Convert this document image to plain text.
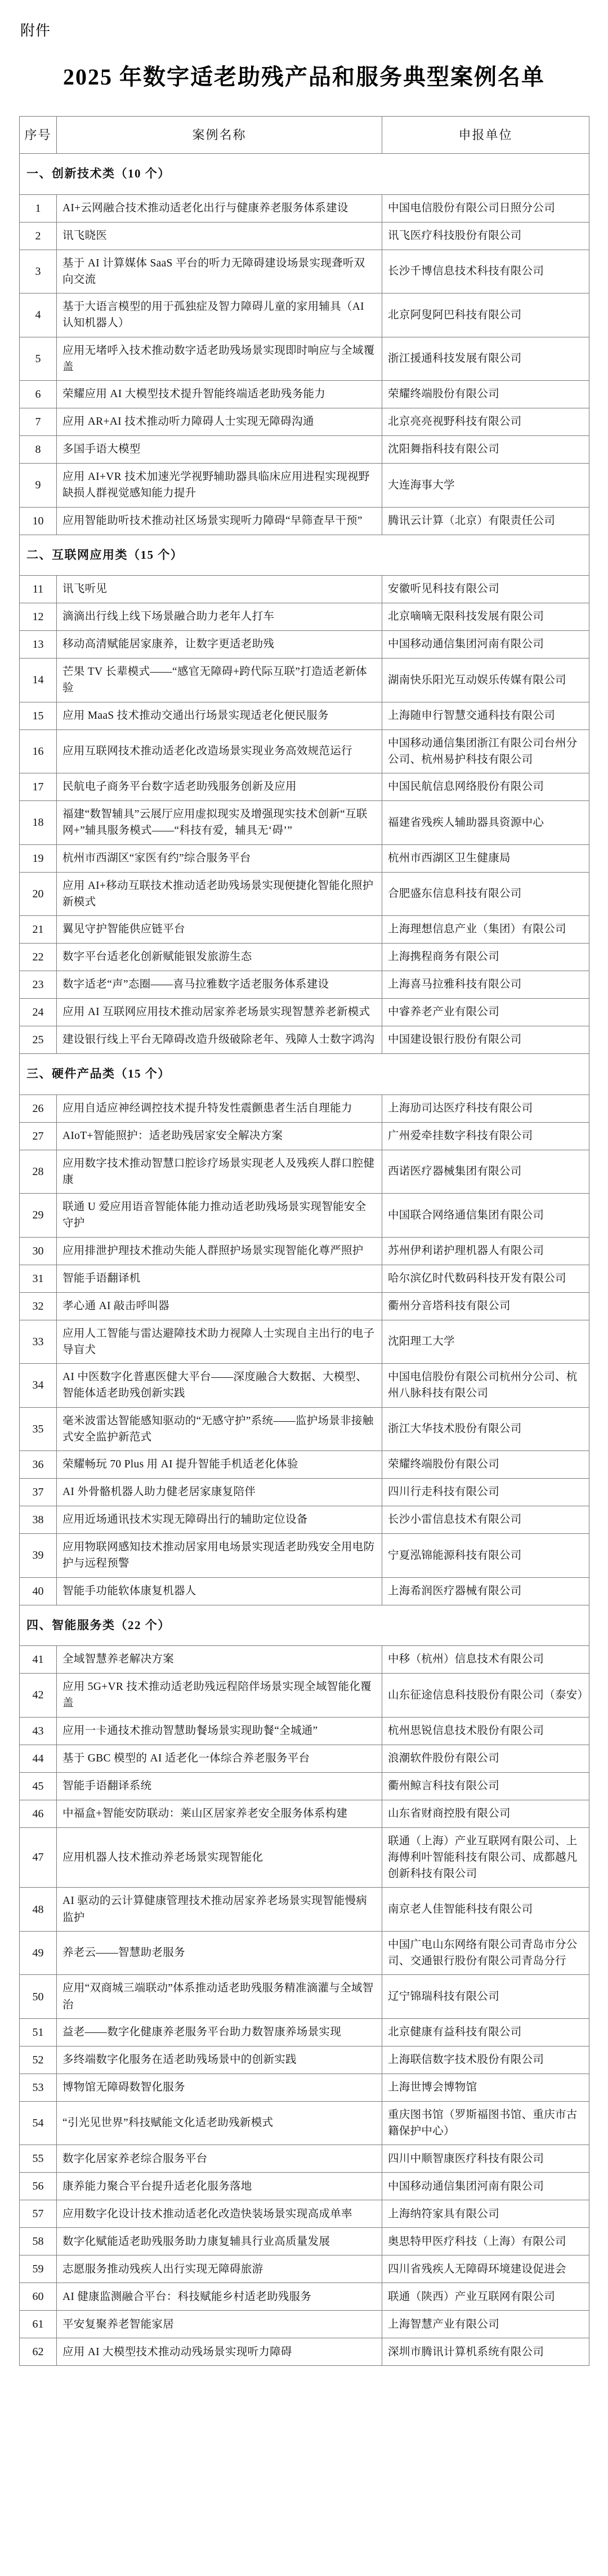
附件
2025 年数字适老助残产品和服务典型案例名单
序号	案例名称	申报单位
一、创新技术类（10 个）		
1	AI+云网融合技术推动适老化出行与健康养老服务体系建设	中国电信股份有限公司日照分公司
2	讯飞晓医	讯飞医疗科技股份有限公司
3	基于 AI 计算媒体 SaaS 平台的听力无障碍建设场景实现聋听双向交流	长沙千博信息技术科技有限公司
4	基于大语言模型的用于孤独症及智力障碍儿童的家用辅具（AI 认知机器人）	北京阿叟阿巴科技有限公司
5	应用无堵呼入技术推动数字适老助残场景实现即时响应与全域覆盖	浙江援通科技发展有限公司
6	荣耀应用 AI 大模型技术提升智能终端适老助残务能力	荣耀终端股份有限公司
7	应用 AR+AI 技术推动听力障碍人士实现无障碍沟通	北京亮亮视野科技有限公司
8	多国手语大模型	沈阳舞指科技有限公司
9	应用 AI+VR 技术加速光学视野辅助器具临床应用进程实现视野缺损人群视觉感知能力提升	大连海事大学
10	应用智能助听技术推动社区场景实现听力障碍“早筛查早干预”	腾讯云计算（北京）有限责任公司
二、互联网应用类（15 个）		
11	讯飞听见	安徽听见科技有限公司
12	滴滴出行线上线下场景融合助力老年人打车	北京嘀嘀无限科技发展有限公司
13	移动高清赋能居家康养，让数字更适老助残	中国移动通信集团河南有限公司
14	芒果 TV 长辈模式——“感官无障碍+跨代际互联”打造适老新体验	湖南快乐阳光互动娱乐传媒有限公司
15	应用 MaaS 技术推动交通出行场景实现适老化便民服务	上海随申行智慧交通科技有限公司
16	应用互联网技术推动适老化改造场景实现业务高效规范运行	中国移动通信集团浙江有限公司台州分公司、杭州易护科技有限公司
17	民航电子商务平台数字适老助残服务创新及应用	中国民航信息网络股份有限公司
18	福建“数智辅具”云展厅应用虚拟现实及增强现实技术创新“互联网+”辅具服务模式——“科技有爱，辅具无‘碍’”	福建省残疾人辅助器具资源中心
19	杭州市西湖区“家医有约”综合服务平台	杭州市西湖区卫生健康局
20	应用 AI+移动互联技术推动适老助残场景实现便捷化智能化照护新模式	合肥盛东信息科技有限公司
21	翼见守护智能供应链平台	上海理想信息产业（集团）有限公司
22	数字平台适老化创新赋能银发旅游生态	上海携程商务有限公司
23	数字适老“声”态圈——喜马拉雅数字适老服务体系建设	上海喜马拉雅科技有限公司
24	应用 AI 互联网应用技术推动居家养老场景实现智慧养老新模式	中睿养老产业有限公司
25	建设银行线上平台无障碍改造升级破除老年、残障人士数字鸿沟	中国建设银行股份有限公司
三、硬件产品类（15 个）		
26	应用自适应神经调控技术提升特发性震颤患者生活自理能力	上海劢司达医疗科技有限公司
27	AIoT+智能照护：适老助残居家安全解决方案	广州爱牵挂数字科技有限公司
28	应用数字技术推动智慧口腔诊疗场景实现老人及残疾人群口腔健康	西诺医疗器械集团有限公司
29	联通 U 爱应用语音智能体能力推动适老助残场景实现智能安全守护	中国联合网络通信集团有限公司
30	应用排泄护理技术推动失能人群照护场景实现智能化尊严照护	苏州伊利诺护理机器人有限公司
31	智能手语翻译机	哈尔滨亿时代数码科技开发有限公司
32	孝心通 AI 敲击呼叫器	衢州分音塔科技有限公司
33	应用人工智能与雷达避障技术助力视障人士实现自主出行的电子导盲犬	沈阳理工大学
34	AI 中医数字化普惠医健大平台——深度融合大数据、大模型、智能体适老助残创新实践	中国电信股份有限公司杭州分公司、杭州八脉科技有限公司
35	毫米波雷达智能感知驱动的“无感守护”系统——监护场景非接触式安全监护新范式	浙江大华技术股份有限公司
36	荣耀畅玩 70 Plus 用 AI 提升智能手机适老化体验	荣耀终端股份有限公司
37	AI 外骨骼机器人助力健老居家康复陪伴	四川行走科技有限公司
38	应用近场通讯技术实现无障碍出行的辅助定位设备	长沙小雷信息技术有限公司
39	应用物联网感知技术推动居家用电场景实现适老助残安全用电防护与远程预警	宁夏泓锦能源科技有限公司
40	智能手功能软体康复机器人	上海希润医疗器械有限公司
四、智能服务类（22 个）		
41	全域智慧养老解决方案	中移（杭州）信息技术有限公司
42	应用 5G+VR 技术推动适老助残远程陪伴场景实现全域智能化覆盖	山东征途信息科技股份有限公司（泰安）
43	应用一卡通技术推动智慧助餐场景实现助餐“全城通”	杭州思锐信息技术股份有限公司
44	基于 GBC 模型的 AI 适老化一体综合养老服务平台	浪潮软件股份有限公司
45	智能手语翻译系统	衢州鲸言科技有限公司
46	中福盒+智能安防联动：莱山区居家养老安全服务体系构建	山东省财商控股有限公司
47	应用机器人技术推动养老场景实现智能化	联通（上海）产业互联网有限公司、上海傅利叶智能科技有限公司、成都越凡创新科技有限公司
48	AI 驱动的云计算健康管理技术推动居家养老场景实现智能慢病监护	南京老人佳智能科技有限公司
49	养老云——智慧助老服务	中国广电山东网络有限公司青岛市分公司、交通银行股份有限公司青岛分行
50	应用“双商城三端联动”体系推动适老助残服务精准滴灌与全域智治	辽宁锦瑞科技有限公司
51	益老——数字化健康养老服务平台助力数智康养场景实现	北京健康有益科技有限公司
52	多终端数字化服务在适老助残场景中的创新实践	上海联信数字技术股份有限公司
53	博物馆无障碍数智化服务	上海世博会博物馆
54	“引光见世界”科技赋能文化适老助残新模式	重庆图书馆（罗斯福图书馆、重庆市古籍保护中心）
55	数字化居家养老综合服务平台	四川中顺智康医疗科技有限公司
56	康养能力聚合平台提升适老化服务落地	中国移动通信集团河南有限公司
57	应用数字化设计技术推动适老化改造快装场景实现高成单率	上海纳符家具有限公司
58	数字化赋能适老助残服务助力康复辅具行业高质量发展	奥思特甲医疗科技（上海）有限公司
59	志愿服务推动残疾人出行实现无障碍旅游	四川省残疾人无障碍环境建设促进会
60	AI 健康监测融合平台：科技赋能乡村适老助残服务	联通（陕西）产业互联网有限公司
61	平安复聚养老智能家居	上海智慧产业有限公司
62	应用 AI 大模型技术推动动残场景实现听力障碍	深圳市腾讯计算机系统有限公司
